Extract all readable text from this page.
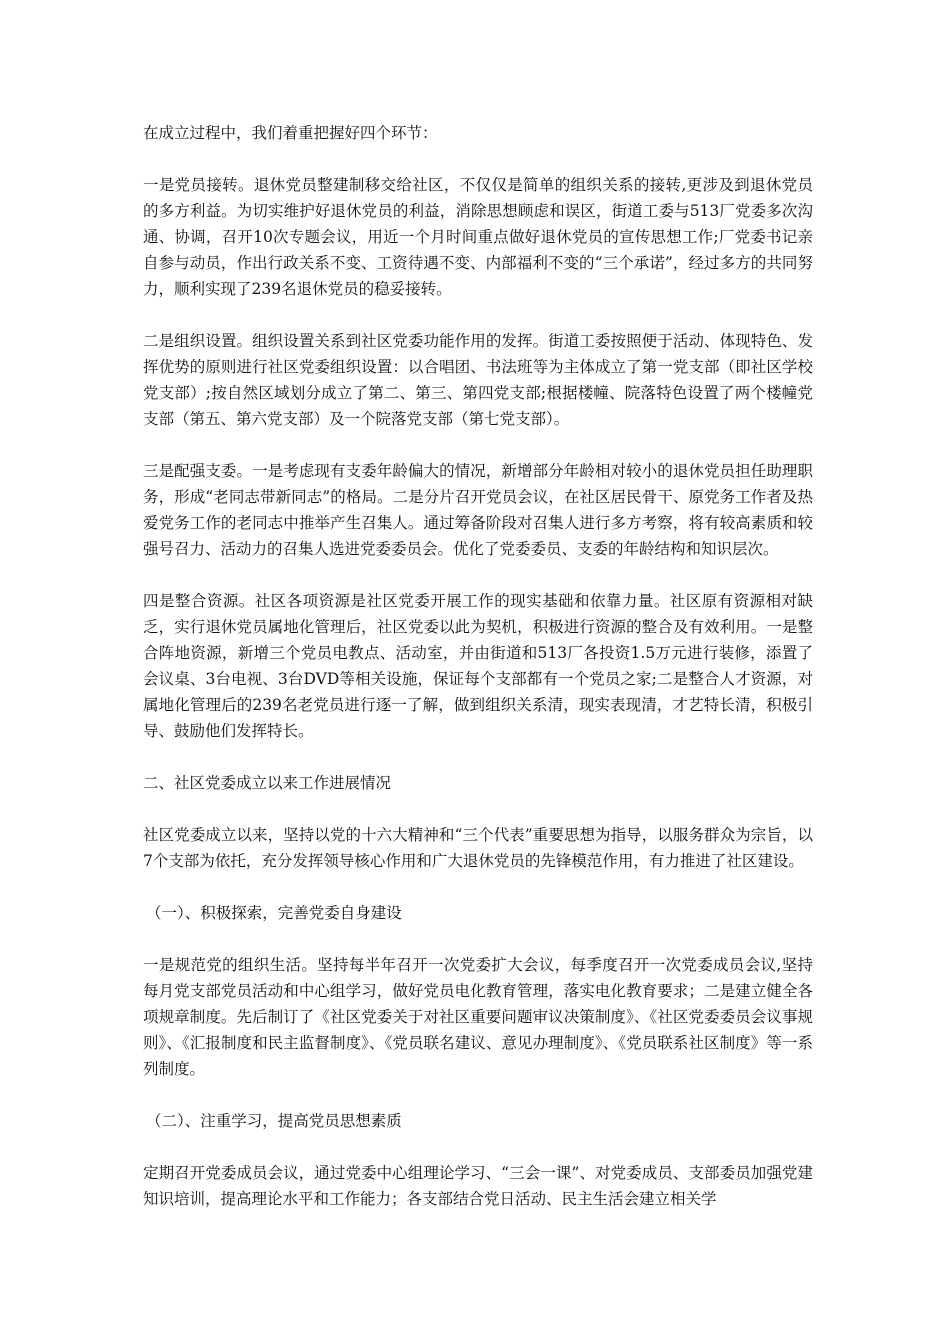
在成立过程中，我们着重把握好四个环节：

一是党员接转。退休党员整建制移交给社区，不仅仅是简单的组织关系的接转,更涉及到退休党员的多方利益。为切实维护好退休党员的利益，消除思想顾虑和误区，街道工委与513厂党委多次沟通、协调，召开10次专题会议，用近一个月时间重点做好退休党员的宣传思想工作;厂党委书记亲自参与动员，作出行政关系不变、工资待遇不变、内部福利不变的“三个承诺”，经过多方的共同努力，顺利实现了239名退休党员的稳妥接转。

二是组织设置。组织设置关系到社区党委功能作用的发挥。街道工委按照便于活动、体现特色、发挥优势的原则进行社区党委组织设置：以合唱团、书法班等为主体成立了第一党支部（即社区学校党支部）;按自然区域划分成立了第二、第三、第四党支部;根据楼幢、院落特色设置了两个楼幢党支部（第五、第六党支部）及一个院落党支部（第七党支部）。

三是配强支委。一是考虑现有支委年龄偏大的情况，新增部分年龄相对较小的退休党员担任助理职务，形成“老同志带新同志”的格局。二是分片召开党员会议，在社区居民骨干、原党务工作者及热爱党务工作的老同志中推举产生召集人。通过筹备阶段对召集人进行多方考察，将有较高素质和较强号召力、活动力的召集人选进党委委员会。优化了党委委员、支委的年龄结构和知识层次。

四是整合资源。社区各项资源是社区党委开展工作的现实基础和依靠力量。社区原有资源相对缺乏，实行退休党员属地化管理后，社区党委以此为契机，积极进行资源的整合及有效利用。一是整合阵地资源，新增三个党员电教点、活动室，并由街道和513厂各投资1.5万元进行装修，添置了会议桌、3台电视、3台DVD等相关设施，保证每个支部都有一个党员之家;二是整合人才资源，对属地化管理后的239名老党员进行逐一了解，做到组织关系清，现实表现清，才艺特长清，积极引导、鼓励他们发挥特长。

二、社区党委成立以来工作进展情况

社区党委成立以来，坚持以党的十六大精神和“三个代表”重要思想为指导，以服务群众为宗旨，以7个支部为依托，充分发挥领导核心作用和广大退休党员的先锋模范作用，有力推进了社区建设。

（一）、积极探索，完善党委自身建设

一是规范党的组织生活。坚持每半年召开一次党委扩大会议，每季度召开一次党委成员会议,坚持每月党支部党员活动和中心组学习，做好党员电化教育管理，落实电化教育要求；二是建立健全各项规章制度。先后制订了《社区党委关于对社区重要问题审议决策制度》、《社区党委委员会议事规则》、《汇报制度和民主监督制度》、《党员联名建议、意见办理制度》、《党员联系社区制度》等一系列制度。

（二）、注重学习，提高党员思想素质

定期召开党委成员会议，通过党委中心组理论学习、“三会一课”、对党委成员、支部委员加强党建知识培训，提高理论水平和工作能力；各支部结合党日活动、民主生活会建立相关学
